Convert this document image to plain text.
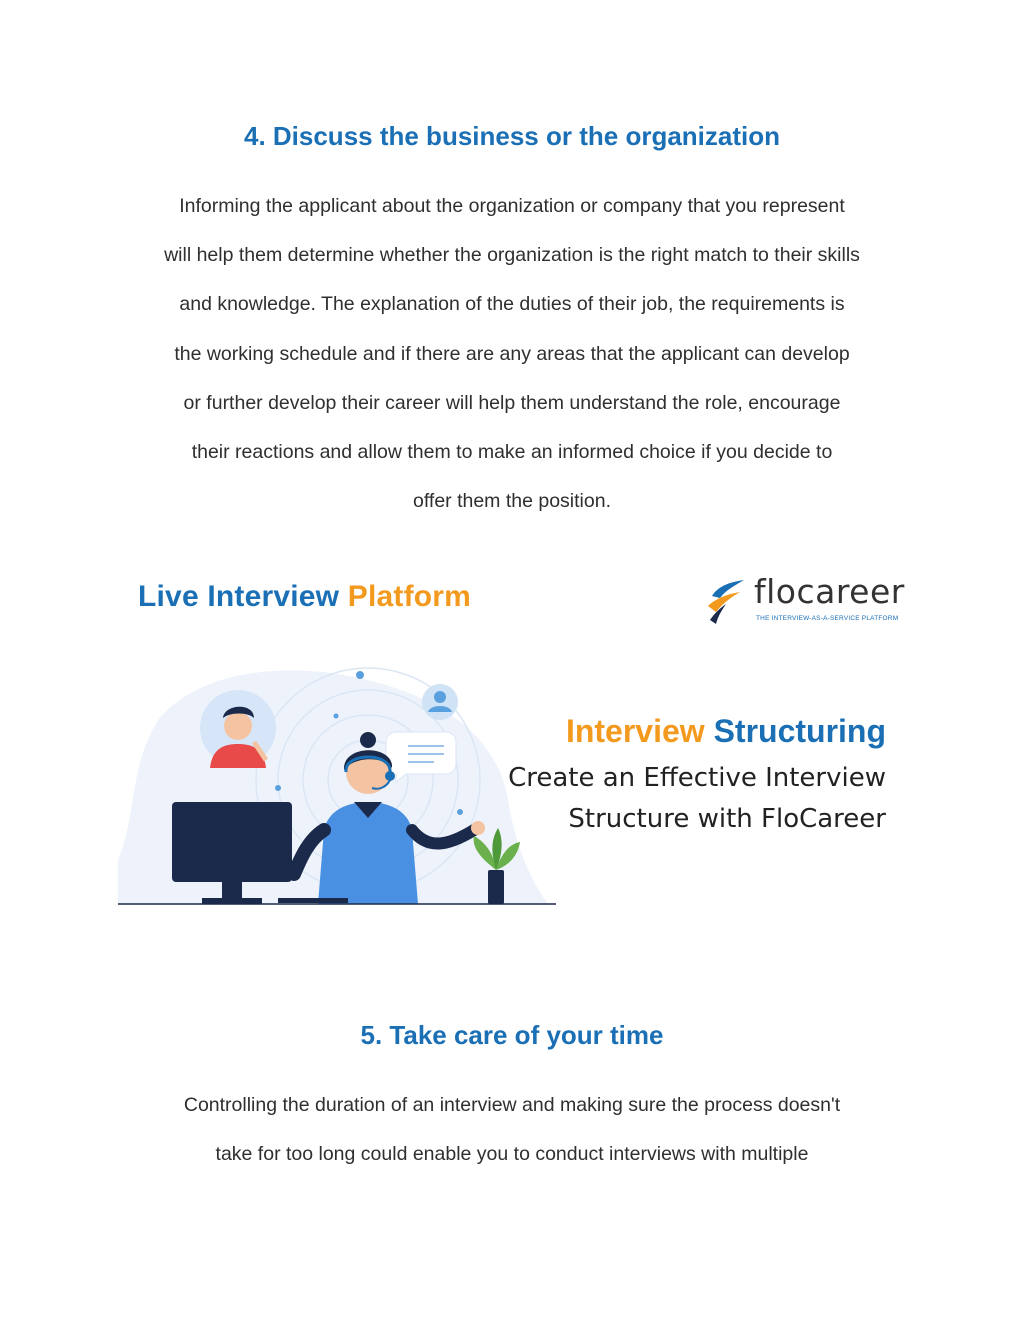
4. Discuss the business or the organization

Informing the applicant about the organization or company that you represent
will help them determine whether the organization is the right match to their skills
and knowledge. The explanation of the duties of their job, the requirements is
the working schedule and if there are any areas that the applicant can develop
or further develop their career will help them understand the role, encourage
their reactions and allow them to make an informed choice if you decide to
offer them the position.

Live Interview Platform	flocareer
THE INTERVIEW-AS-A-SERVICE PLATFORM
Interview Structuring
Create an Effective Interview
Structure with FloCareer
5. Take care of your time

Controlling the duration of an interview and making sure the process doesn't
take for too long could enable you to conduct interviews with multiple
